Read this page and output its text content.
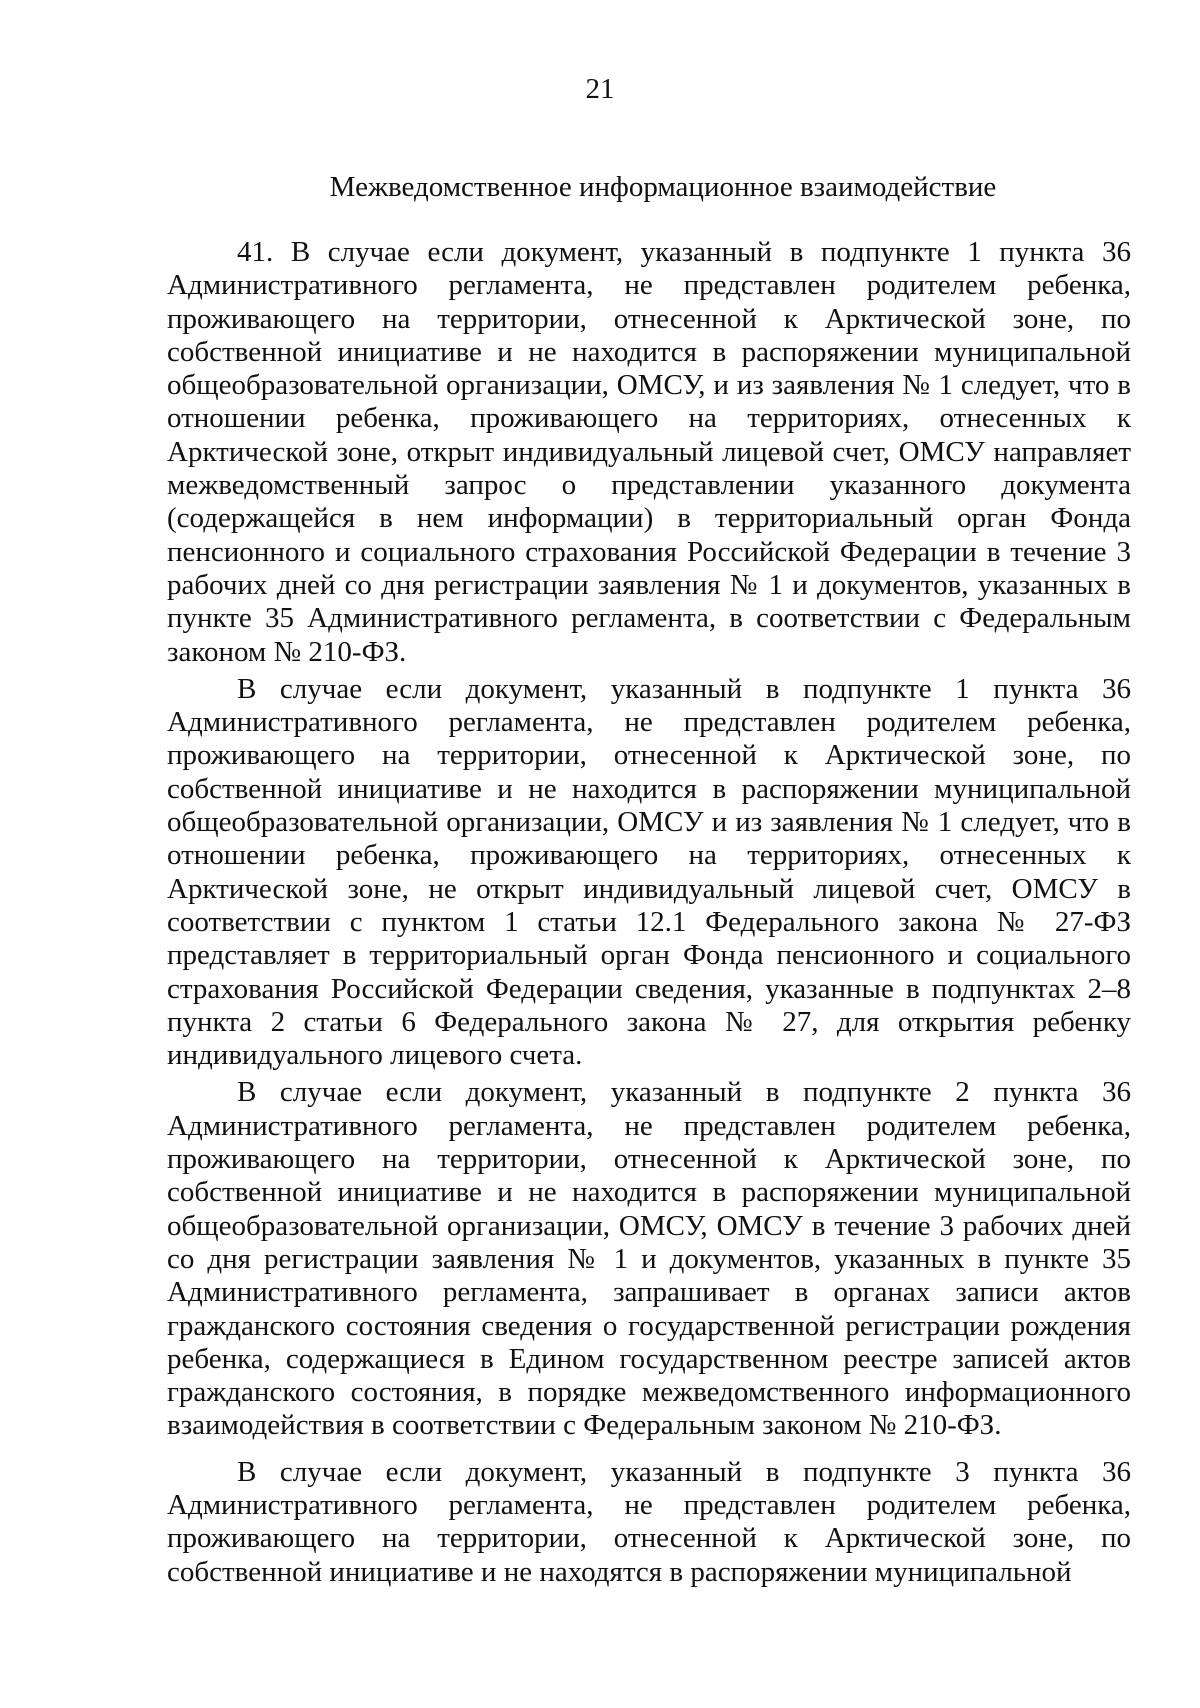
21
Межведомственное информационное взаимодействие

41. В случае если документ, указанный в подпункте 1 пункта 36 Административного регламента, не представлен родителем ребенка, проживающего на территории, отнесенной к Арктической зоне, по собственной инициативе и не находится в распоряжении муниципальной общеобразовательной организации, ОМСУ, и из заявления № 1 следует, что в отношении ребенка, проживающего на территориях, отнесенных к Арктической зоне, открыт индивидуальный лицевой счет, ОМСУ направляет межведомственный запрос о представлении указанного документа (содержащейся в нем информации) в территориальный орган Фонда пенсионного и социального страхования Российской Федерации в течение 3 рабочих дней со дня регистрации заявления № 1 и документов, указанных в пункте 35 Административного регламента, в соответствии с Федеральным законом № 210-ФЗ.

В случае если документ, указанный в подпункте 1 пункта 36 Административного регламента, не представлен родителем ребенка, проживающего на территории, отнесенной к Арктической зоне, по собственной инициативе и не находится в распоряжении муниципальной общеобразовательной организации, ОМСУ и из заявления № 1 следует, что в отношении ребенка, проживающего на территориях, отнесенных к Арктической зоне, не открыт индивидуальный лицевой счет, ОМСУ в соответствии с пунктом 1 статьи 12.1 Федерального закона № 27-ФЗ представляет в территориальный орган Фонда пенсионного и социального страхования Российской Федерации сведения, указанные в подпунктах 2–8 пункта 2 статьи 6 Федерального закона № 27, для открытия ребенку индивидуального лицевого счета.

В случае если документ, указанный в подпункте 2 пункта 36 Административного регламента, не представлен родителем ребенка, проживающего на территории, отнесенной к Арктической зоне, по собственной инициативе и не находится в распоряжении муниципальной общеобразовательной организации, ОМСУ, ОМСУ в течение 3 рабочих дней со дня регистрации заявления № 1 и документов, указанных в пункте 35 Административного регламента, запрашивает в органах записи актов гражданского состояния сведения о государственной регистрации рождения ребенка, содержащиеся в Едином государственном реестре записей актов гражданского состояния, в порядке межведомственного информационного взаимодействия в соответствии с Федеральным законом № 210-ФЗ.

В случае если документ, указанный в подпункте 3 пункта 36 Административного регламента, не представлен родителем ребенка, проживающего на территории, отнесенной к Арктической зоне, по собственной инициативе и не находятся в распоряжении муниципальной
